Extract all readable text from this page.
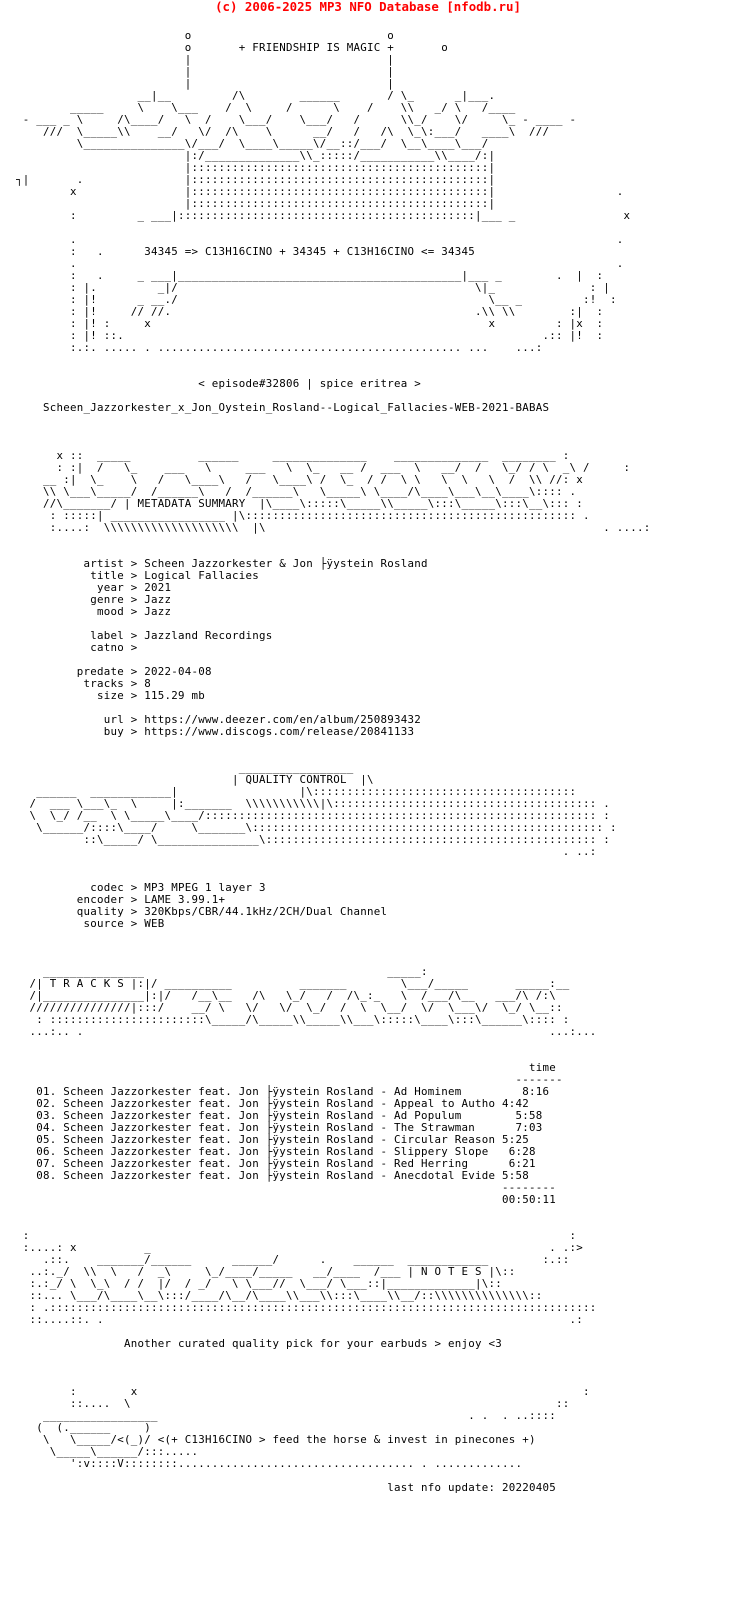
(c) 2006-2025 MP3 NFO Database [nfodb.ru]

o                             o
o       + FRIENDSHIP IS MAGIC +       o
|                             |
|                             |
|                             |
__|__         /\        ______       / \_      _|___.
_____     \    \___    /  \     /      \    /    \\   _/ \   /____
- ___ _ \     /\____/   \  /    \___/    \___/   /      \\_/    \/     \_ - ____ -
///  \_____\\    __/   \/  /\    \      __/   /   /\  \_\:___/   ____\  ///
\_______________\/___/  \____\_____\/__::/___/  \__\____\___/
|:/______________\\_:::::/___________\\____/:|
|::::::::::::::::::::::::::::::::::::::::::::|
┐|       .               |::::::::::::::::::::::::::::::::::::::::::::|
x                |::::::::::::::::::::::::::::::::::::::::::::|                  .
|::::::::::::::::::::::::::::::::::::::::::::|
:         _ ___|::::::::::::::::::::::::::::::::::::::::::::|___ _                x

.                                                                                .
:   .      34345 => C13H16CINO + 34345 + C13H16CINO <= 34345
.                                                                                .
:   .     _ ___|__________________________________________|___ _        .  |  :
: |.         _|/                                            \|_              : |
: |!      _ __./                                              \__ _         :!  :
: |!     // //.                                             .\\ \\        :|  :
: |! :     x                                                  x         : |x  :
: |! ::.                                                              .:: |!  :
:.:. ..... . ............................................. ...    ...:

< episode#32806 | spice eritrea >

Scheen_Jazzorkester_x_Jon_Oystein_Rosland--Logical_Fallacies-WEB-2021-BABAS

x ::  _____          ______     ______________    ______________  ________ :
: :|  /   \_    ___   \     ___   \  \_   __ /  ___  \   __/  /   \_/ / \  _\ /     :
__ :|  \_    \   /   \____\   /   \____\ /  \_  / /  \ \   \  \   \  /  \\ //: x
\\ \___\_____/  /______\   /  /______\   \_____\ \____/\____\___\__\____\:::: .
//\_______/ | METADATA SUMMARY  |\____\:::::\_____\\_____\:::\_____\:::\__\::: :
: :::::| _________________ |\::::::::::::::::::::::::::::::::::::::::::::::::: .
:....:  \\\\\\\\\\\\\\\\\\\\  |\                                                  . ....:

artist > Scheen Jazzorkester & Jon ├ÿystein Rosland
title > Logical Fallacies
year > 2021
genre > Jazz
mood > Jazz

label > Jazzland Recordings
catno >

predate > 2022-04-08
tracks > 8
size > 115.29 mb

url > https://www.deezer.com/en/album/250893432
buy > https://www.discogs.com/release/20841133

_________________
| QUALITY CONTROL  |\
______  ____________|                  |\:::::::::::::::::::::::::::::::::::::::
/  ___ \___\_  \     |:_______  \\\\\\\\\\\|\::::::::::::::::::::::::::::::::::::::: .
\  \_/ /__  \ \_____\____/:::::::::::::::::::::::::::::::::::::::::::::::::::::::::: :
\______/::::\____/     \_______\:::::::::::::::::::::::::::::::::::::::::::::::::::: :
::\_____/ \_______________\::::::::::::::::::::::::::::::::::::::::::::::::: :
. ..:

codec > MP3 MPEG 1 layer 3
encoder > LAME 3.99.1+
quality > 320Kbps/CBR/44.1kHz/2CH/Dual Channel
source > WEB

_______________                                    _____:
/| T R A C K S |:|/ __________          _______        \___/_____       _____:__
/|_______________|:|/   /__\__   /\   \_/   /  /\_:_   \  /___/\__   ___/\ /:\
///////////////|:::/    __/ \   \/   \/  \_/  /  \  \__/  \/  \___\/  \_/ \__::
: :::::::::::::::::::::::\_____/\_____\\_____\\___\:::::\____\:::\______\:::: :
...:.. .                                                                     ...:...

time
-------
01. Scheen Jazzorkester feat. Jon ├ÿystein Rosland - Ad Hominem         8:16
02. Scheen Jazzorkester feat. Jon ├ÿystein Rosland - Appeal to Autho 4:42
03. Scheen Jazzorkester feat. Jon ├ÿystein Rosland - Ad Populum        5:58
04. Scheen Jazzorkester feat. Jon ├ÿystein Rosland - The Strawman      7:03
05. Scheen Jazzorkester feat. Jon ├ÿystein Rosland - Circular Reason 5:25
06. Scheen Jazzorkester feat. Jon ├ÿystein Rosland - Slippery Slope   6:28
07. Scheen Jazzorkester feat. Jon ├ÿystein Rosland - Red Herring      6:21
08. Scheen Jazzorkester feat. Jon ├ÿystein Rosland - Anecdotal Evide 5:58
--------
00:50:11

:                                                                                :
:....: x          _                                                           . .:>
.::.    _______/______      ______/      .    ______  ____________        :.::
..:._/  \\  \   /  _\     \_/____/_____   __/____  /___ | N O T E S |\::
:.:_/ \  \_\  / /  |/  / _/   \ \___//  \___/ \___::|_____________|\::
::... \___/\____\__\:::/____/\__/\____\\___\\:::\____\\__/::\\\\\\\\\\\\\\::
: .:::::::::::::::::::::::::::::::::::::::::::::::::::::::::::::::::::::::::::::::::
::....::. .                                                                     .:

Another curated quality pick for your earbuds > enjoy <3

:        x                                                                  :
::....  \                                                               ::
_________________                                              . .  . ..::::
(  (.______     )
\   \_____/<(_)/ <(+ C13H16CINO > feed the horse & invest in pinecones +)
\_____\______/:::.....
':v::::V::::::::................................... . .............

last nfo update: 20220405
